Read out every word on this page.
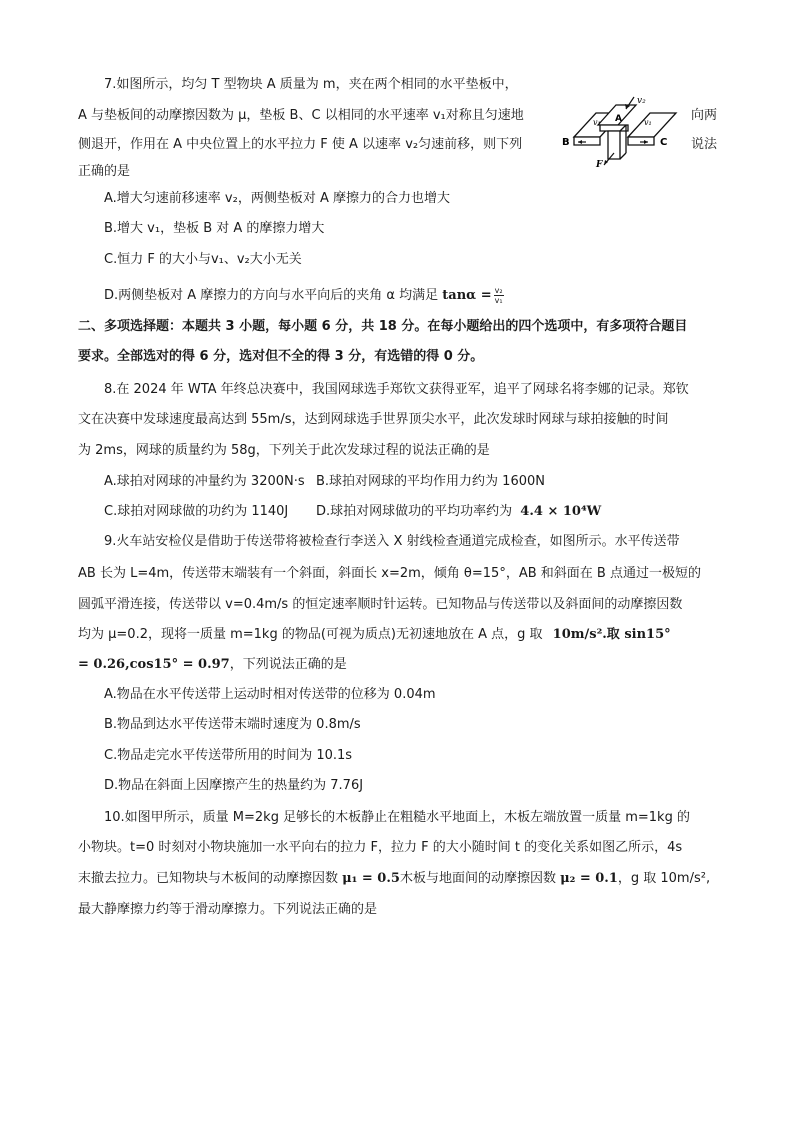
7.如图所示，均匀 T 型物块 A 质量为 m，夹在两个相同的水平垫板中，
A 与垫板间的动摩擦因数为 μ，垫板 B、C 以相同的水平速率 v₁对称且匀速地	向两
侧退开，作用在 A 中央位置上的水平拉力 F 使 A 以速率 v₂匀速前移，则下列	说法
正确的是
v₂
v₁	v₁
A
B	C
F
A.增大匀速前移速率 v₂，两侧垫板对 A 摩擦力的合力也增大
B.增大 v₁，垫板 B 对 A 的摩擦力增大
C.恒力 F 的大小与v₁、v₂大小无关
D.两侧垫板对 A 摩擦力的方向与水平向后的夹角 α 均满足 $\tan\alpha = \frac{\text{v₂}}{\text{v₁}}$
二、多项选择题：本题共 3 小题，每小题 6 分，共 18 分。在每小题给出的四个选项中，有多项符合题目
要求。全部选对的得 6 分，选对但不全的得 3 分，有选错的得 0 分。
8.在 2024 年 WTA 年终总决赛中，我国网球选手郑钦文获得亚军，追平了网球名将李娜的记录。郑钦
文在决赛中发球速度最高达到 55m/s，达到网球选手世界顶尖水平，此次发球时网球与球拍接触的时间
为 2ms，网球的质量约为 58g，下列关于此次发球过程的说法正确的是
A.球拍对网球的冲量约为 3200N·s B.球拍对网球的平均作用力约为 1600N
C.球拍对网球做的功约为 1140J D.球拍对网球做功的平均功率约为 4.4 × 10⁴W
9.火车站安检仪是借助于传送带将被检查行李送入 X 射线检查通道完成检查，如图所示。水平传送带
AB 长为 L=4m，传送带末端装有一个斜面，斜面长 x=2m，倾角 θ=15°，AB 和斜面在 B 点通过一极短的
圆弧平滑连接，传送带以 v=0.4m/s 的恒定速率顺时针运转。已知物品与传送带以及斜面间的动摩擦因数
均为 μ=0.2，现将一质量 m=1kg 的物品(可视为质点)无初速地放在 A 点，g 取 10m/s².取 sin15°
= 0.26,cos15° = 0.97，下列说法正确的是
A.物品在水平传送带上运动时相对传送带的位移为 0.04m
B.物品到达水平传送带末端时速度为 0.8m/s
C.物品走完水平传送带所用的时间为 10.1s
D.物品在斜面上因摩擦产生的热量约为 7.76J
10.如图甲所示，质量 M=2kg 足够长的木板静止在粗糙水平地面上，木板左端放置一质量 m=1kg 的
小物块。t=0 时刻对小物块施加一水平向右的拉力 F，拉力 F 的大小随时间 t 的变化关系如图乙所示，4s
末撤去拉力。已知物块与木板间的动摩擦因数 μ₁ = 0.5木板与地面间的动摩擦因数 μ₂ = 0.1，g 取 10m/s²,
最大静摩擦力约等于滑动摩擦力。下列说法正确的是
